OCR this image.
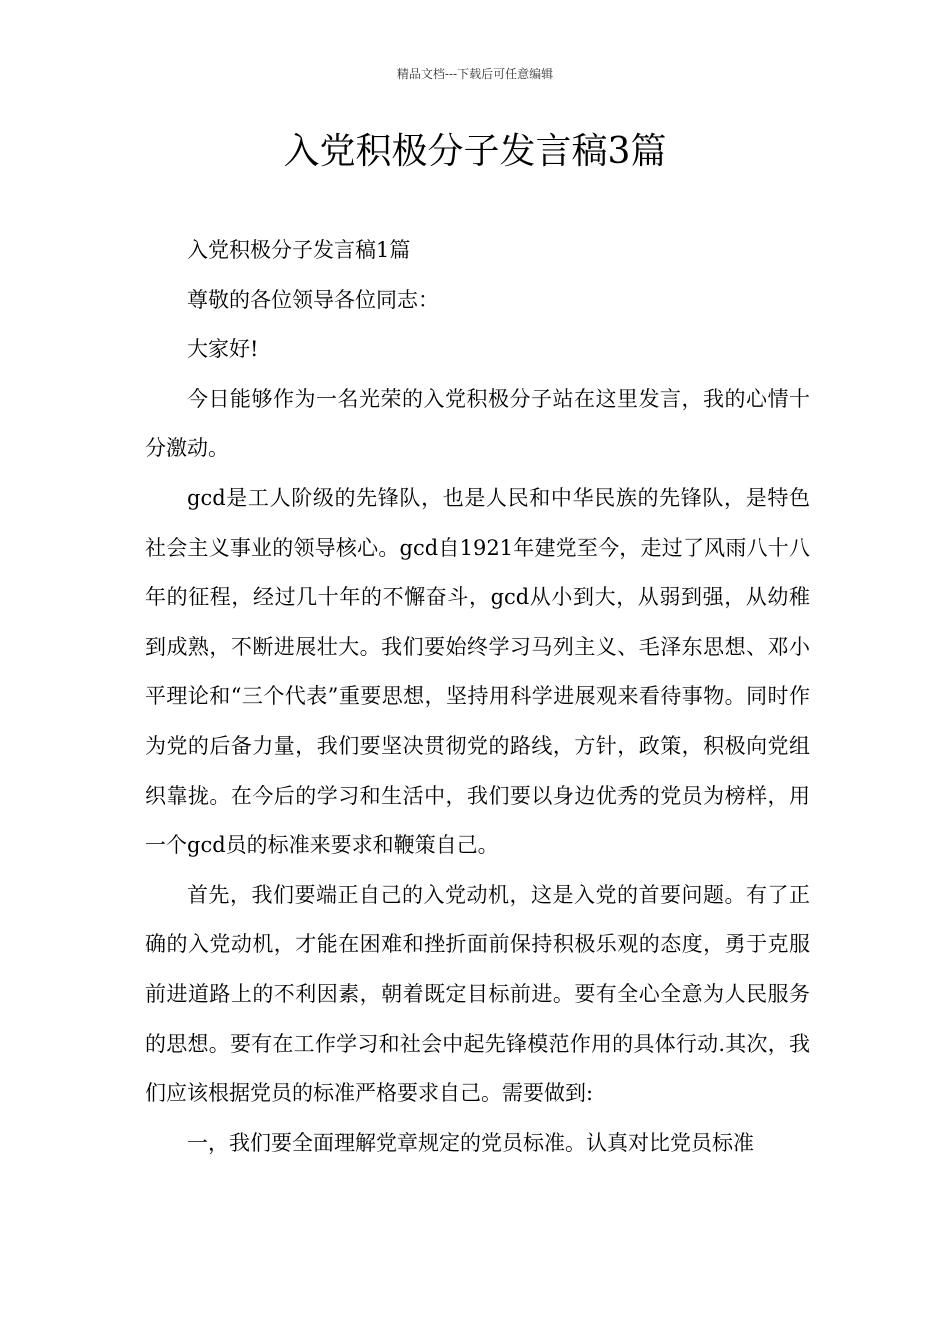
精品文档---下载后可任意编辑
入党积极分子发言稿3篇

入党积极分子发言稿1篇

尊敬的各位领导各位同志：

大家好!

今日能够作为一名光荣的入党积极分子站在这里发言，我的心情十分激动。

gcd是工人阶级的先锋队，也是人民和中华民族的先锋队，是特色社会主义事业的领导核心。gcd自1921年建党至今，走过了风雨八十八年的征程，经过几十年的不懈奋斗，gcd从小到大，从弱到强，从幼稚到成熟，不断进展壮大。我们要始终学习马列主义、毛泽东思想、邓小平理论和“三个代表”重要思想，坚持用科学进展观来看待事物。同时作为党的后备力量，我们要坚决贯彻党的路线，方针，政策，积极向党组织靠拢。在今后的学习和生活中，我们要以身边优秀的党员为榜样，用一个gcd员的标准来要求和鞭策自己。

首先，我们要端正自己的入党动机，这是入党的首要问题。有了正确的入党动机，才能在困难和挫折面前保持积极乐观的态度，勇于克服前进道路上的不利因素，朝着既定目标前进。要有全心全意为人民服务的思想。要有在工作学习和社会中起先锋模范作用的具体行动.其次，我们应该根据党员的标准严格要求自己。需要做到:

一，我们要全面理解党章规定的党员标准。认真对比党员标准
